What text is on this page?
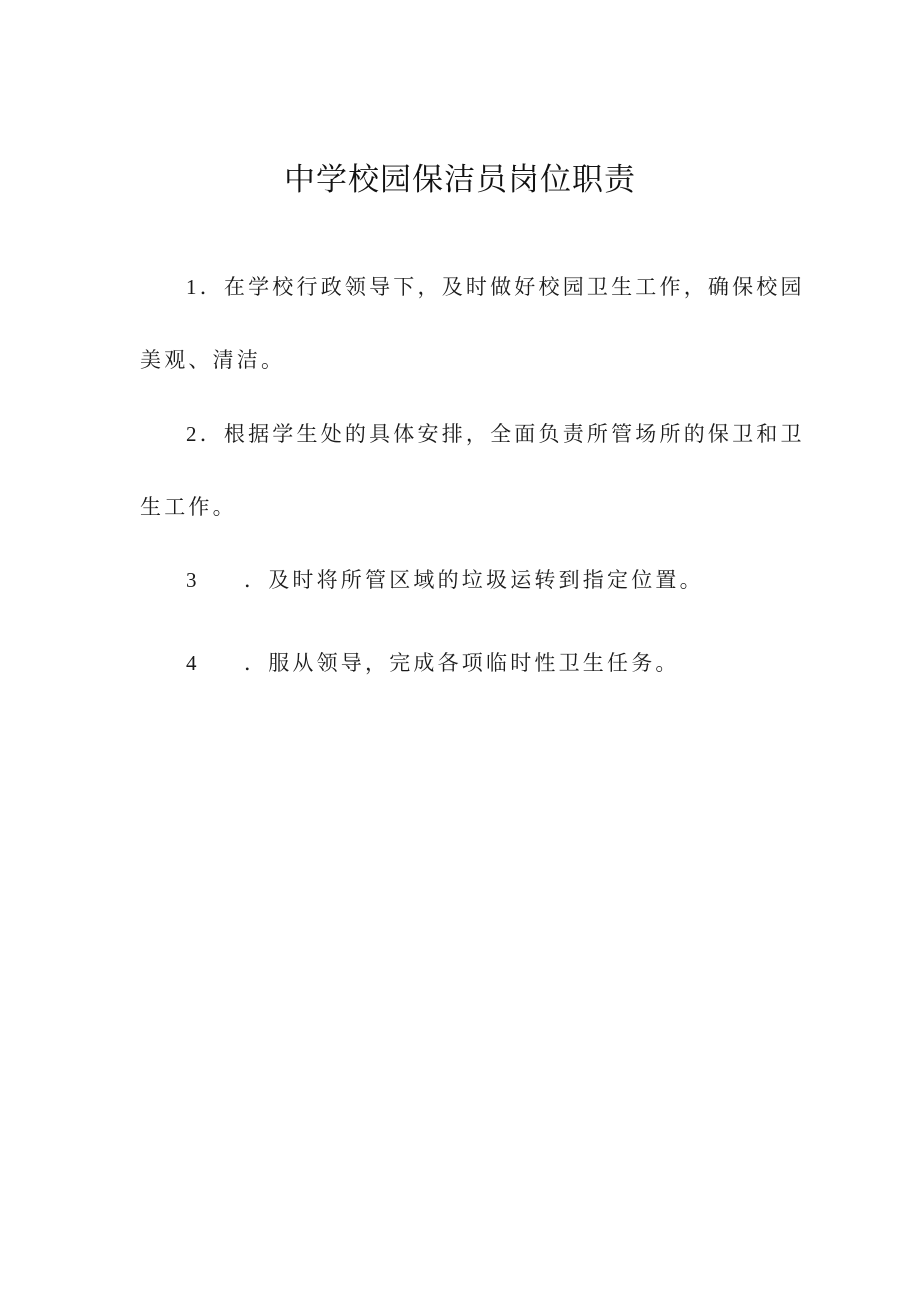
中学校园保洁员岗位职责
1．在学校行政领导下，及时做好校园卫生工作，确保校园
美观、清洁。
2．根据学生处的具体安排，全面负责所管场所的保卫和卫
生工作。
3 ．及时将所管区域的垃圾运转到指定位置。
4 ．服从领导，完成各项临时性卫生任务。
